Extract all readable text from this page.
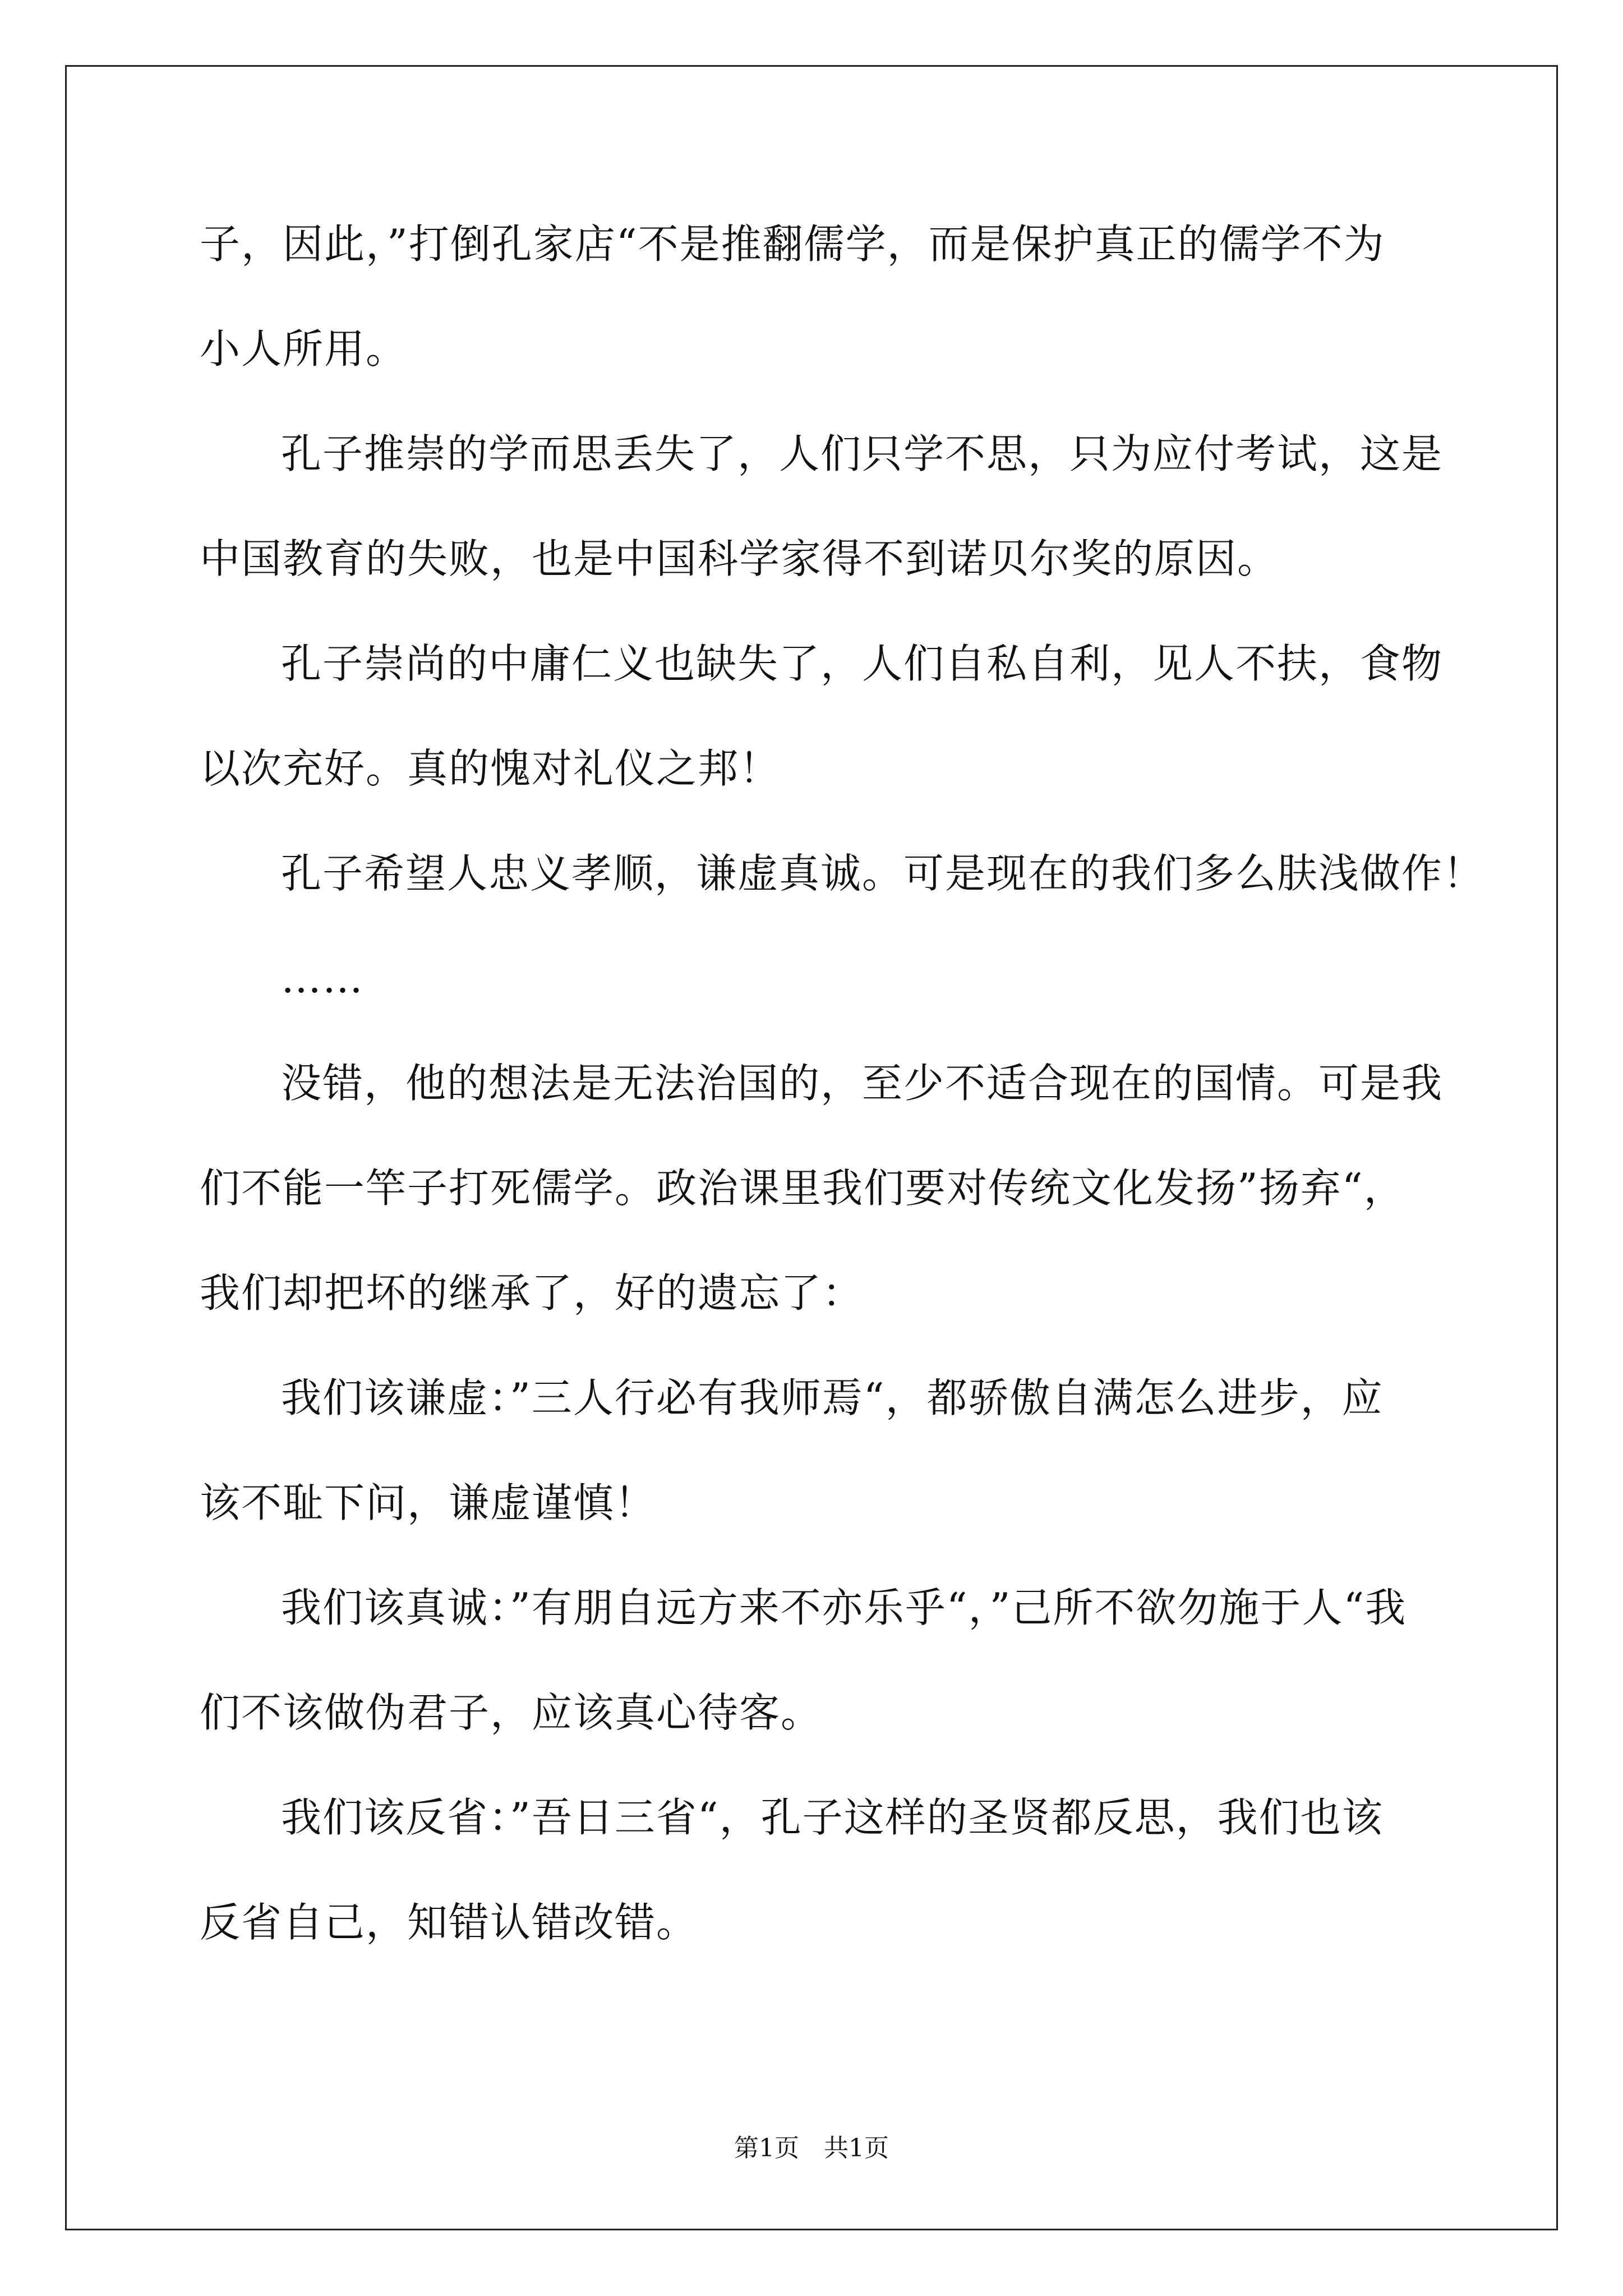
子，因此，”打倒孔家店“不是推翻儒学，而是保护真正的儒学不为
小人所用。
孔子推崇的学而思丢失了，人们只学不思，只为应付考试，这是
中国教育的失败，也是中国科学家得不到诺贝尔奖的原因。
孔子崇尚的中庸仁义也缺失了，人们自私自利，见人不扶，食物
以次充好。真的愧对礼仪之邦！
孔子希望人忠义孝顺，谦虚真诚。可是现在的我们多么肤浅做作！
……
没错，他的想法是无法治国的，至少不适合现在的国情。可是我
们不能一竿子打死儒学。政治课里我们要对传统文化发扬”扬弃“，
我们却把坏的继承了，好的遗忘了：
我们该谦虚：”三人行必有我师焉“，都骄傲自满怎么进步，应
该不耻下问，谦虚谨慎！
我们该真诚：”有朋自远方来不亦乐乎“，”己所不欲勿施于人“我
们不该做伪君子，应该真心待客。
我们该反省：”吾日三省“，孔子这样的圣贤都反思，我们也该
反省自己，知错认错改错。
第1页　共1页
